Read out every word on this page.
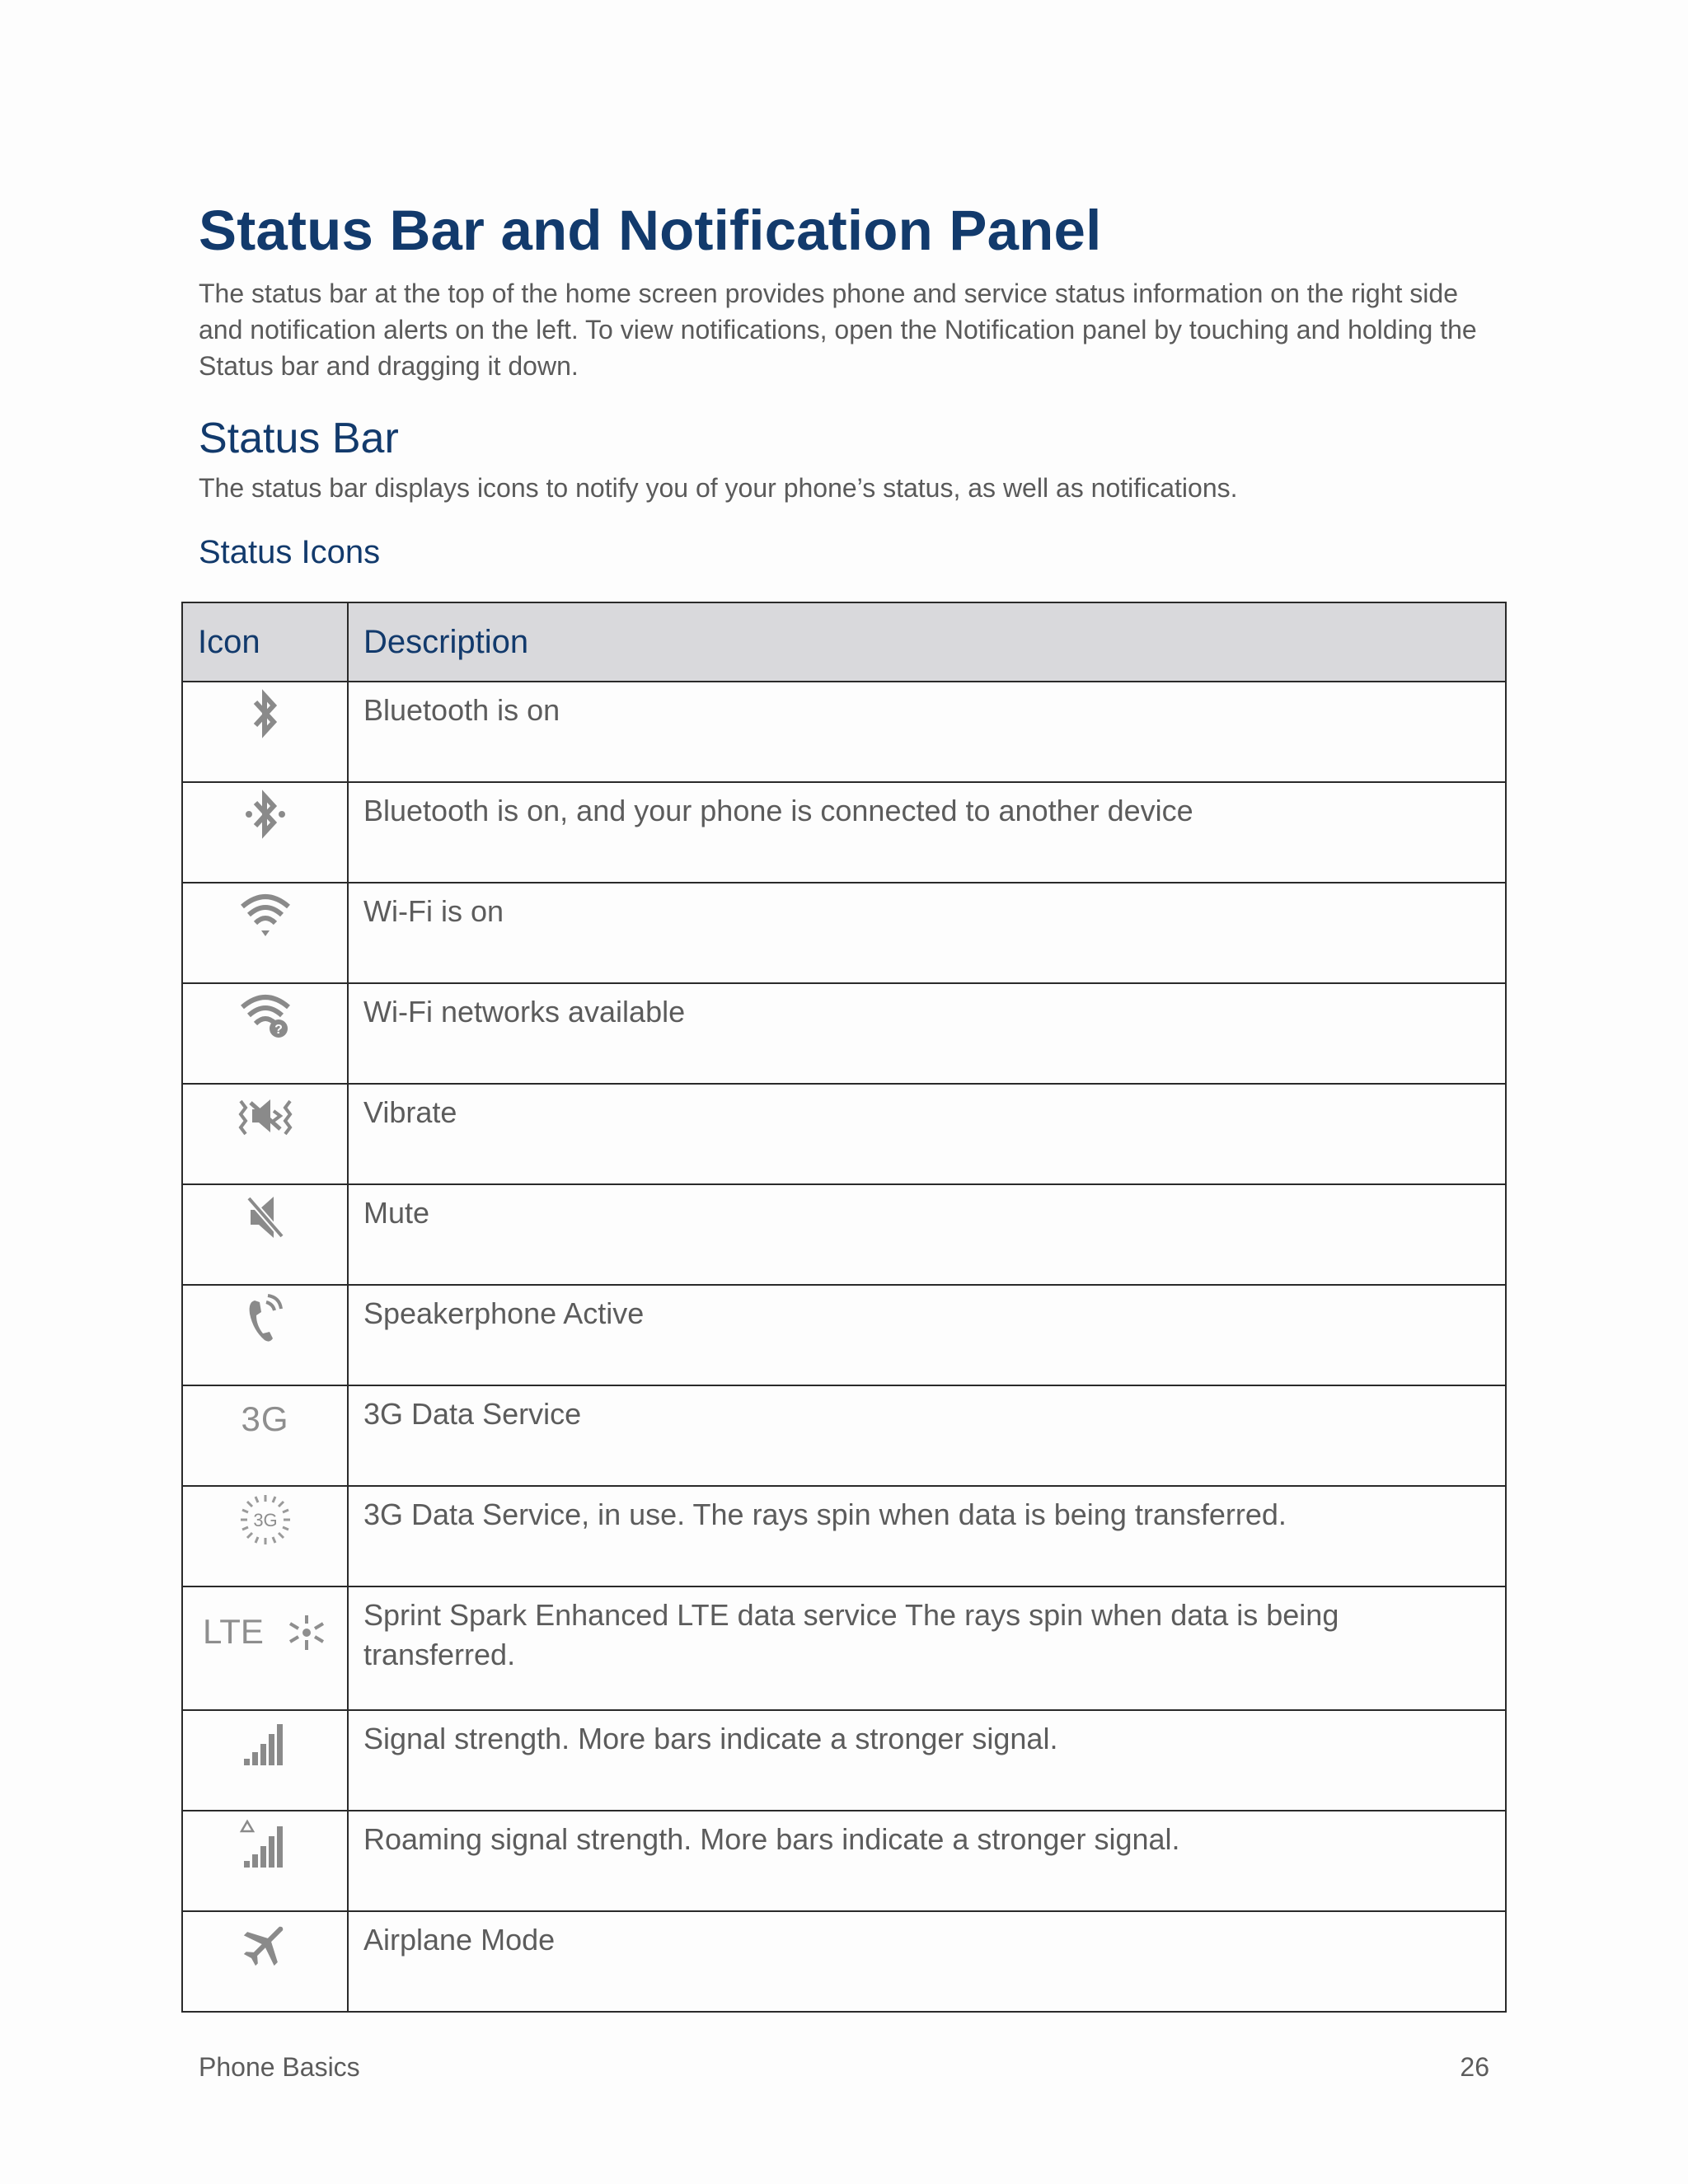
Status Bar and Notification Panel

The status bar at the top of the home screen provides phone and service status information on the right side and notification alerts on the left. To view notifications, open the Notification panel by touching and holding the Status bar and dragging it down.

Status Bar

The status bar displays icons to notify you of your phone’s status, as well as notifications.

Status Icons
Icon	Description

	Bluetooth is on

	Bluetooth is on, and your phone is connected to another device

	Wi-Fi is on

?	Wi-Fi networks available

	Vibrate

	Mute

	Speakerphone Active
3G	3G Data Service

3G	3G Data Service, in use. The rays spin when data is being transferred.

LTE	Sprint Spark Enhanced LTE data service The rays spin when data is being transferred.

	Signal strength. More bars indicate a stronger signal.

	Roaming signal strength. More bars indicate a stronger signal.

	Airplane Mode
Phone Basics	26
